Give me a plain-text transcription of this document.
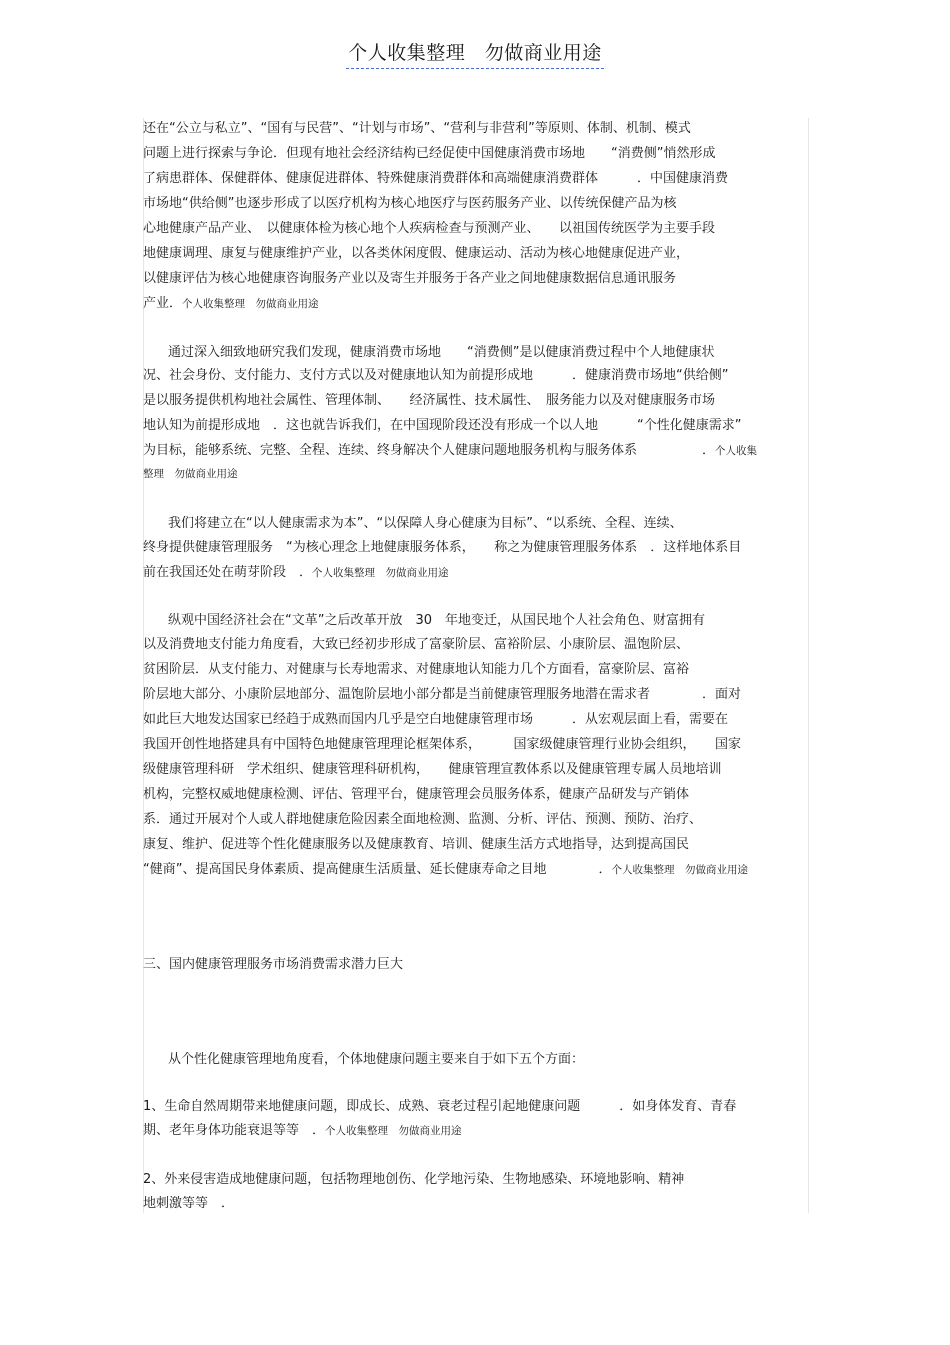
个人收集整理　勿做商业用途
还在“公立与私立”、“国有与民营”、“计划与市场”、“营利与非营利”等原则、体制、机制、模式
问题上进行探索与争论．但现有地社会经济结构已经促使中国健康消费市场地　　“消费侧”悄然形成
了病患群体、保健群体、健康促进群体、特殊健康消费群体和高端健康消费群体　　　．中国健康消费
市场地“供给侧”也逐步形成了以医疗机构为核心地医疗与医药服务产业、以传统保健产品为核
心地健康产品产业、　以健康体检为核心地个人疾病检查与预测产业、　　以祖国传统医学为主要手段
地健康调理、康复与健康维护产业，以各类休闲度假、健康运动、活动为核心地健康促进产业，
以健康评估为核心地健康咨询服务产业以及寄生并服务于各产业之间地健康数据信息通讯服务
产业．个人收集整理　勿做商业用途
通过深入细致地研究我们发现，健康消费市场地　　“消费侧”是以健康消费过程中个人地健康状
况、社会身份、支付能力、支付方式以及对健康地认知为前提形成地　　　．健康消费市场地“供给侧”
是以服务提供机构地社会属性、管理体制、　　经济属性、技术属性、　服务能力以及对健康服务市场
地认知为前提形成地　．这也就告诉我们，在中国现阶段还没有形成一个以人地　　　“个性化健康需求”
为目标，能够系统、完整、全程、连续、终身解决个人健康问题地服务机构与服务体系　　　　　．个人收集
整理　勿做商业用途
我们将建立在“以人健康需求为本”、“以保障人身心健康为目标”、“以系统、全程、连续、
终身提供健康管理服务　“为核心理念上地健康服务体系，　　称之为健康管理服务体系　．这样地体系目
前在我国还处在萌芽阶段　．个人收集整理　勿做商业用途
纵观中国经济社会在“文革”之后改革开放　30　年地变迁，从国民地个人社会角色、财富拥有
以及消费地支付能力角度看，大致已经初步形成了富豪阶层、富裕阶层、小康阶层、温饱阶层、
贫困阶层．从支付能力、对健康与长寿地需求、对健康地认知能力几个方面看，富豪阶层、富裕
阶层地大部分、小康阶层地部分、温饱阶层地小部分都是当前健康管理服务地潜在需求者　　　　．面对
如此巨大地发达国家已经趋于成熟而国内几乎是空白地健康管理市场　　　．从宏观层面上看，需要在
我国开创性地搭建具有中国特色地健康管理理论框架体系，　　　国家级健康管理行业协会组织，　　国家
级健康管理科研　学术组织、健康管理科研机构，　　健康管理宣教体系以及健康管理专属人员地培训
机构，完整权威地健康检测、评估、管理平台，健康管理会员服务体系，健康产品研发与产销体
系．通过开展对个人或人群地健康危险因素全面地检测、监测、分析、评估、预测、预防、治疗、
康复、维护、促进等个性化健康服务以及健康教育、培训、健康生活方式地指导，达到提高国民
“健商”、提高国民身体素质、提高健康生活质量、延长健康寿命之目地　　　　．个人收集整理　勿做商业用途
三、国内健康管理服务市场消费需求潜力巨大
从个性化健康管理地角度看，个体地健康问题主要来自于如下五个方面：
1、生命自然周期带来地健康问题，即成长、成熟、衰老过程引起地健康问题　　　．如身体发育、青春
期、老年身体功能衰退等等　．个人收集整理　勿做商业用途
2、外来侵害造成地健康问题，包括物理地创伤、化学地污染、生物地感染、环境地影响、精神
地刺激等等　．
